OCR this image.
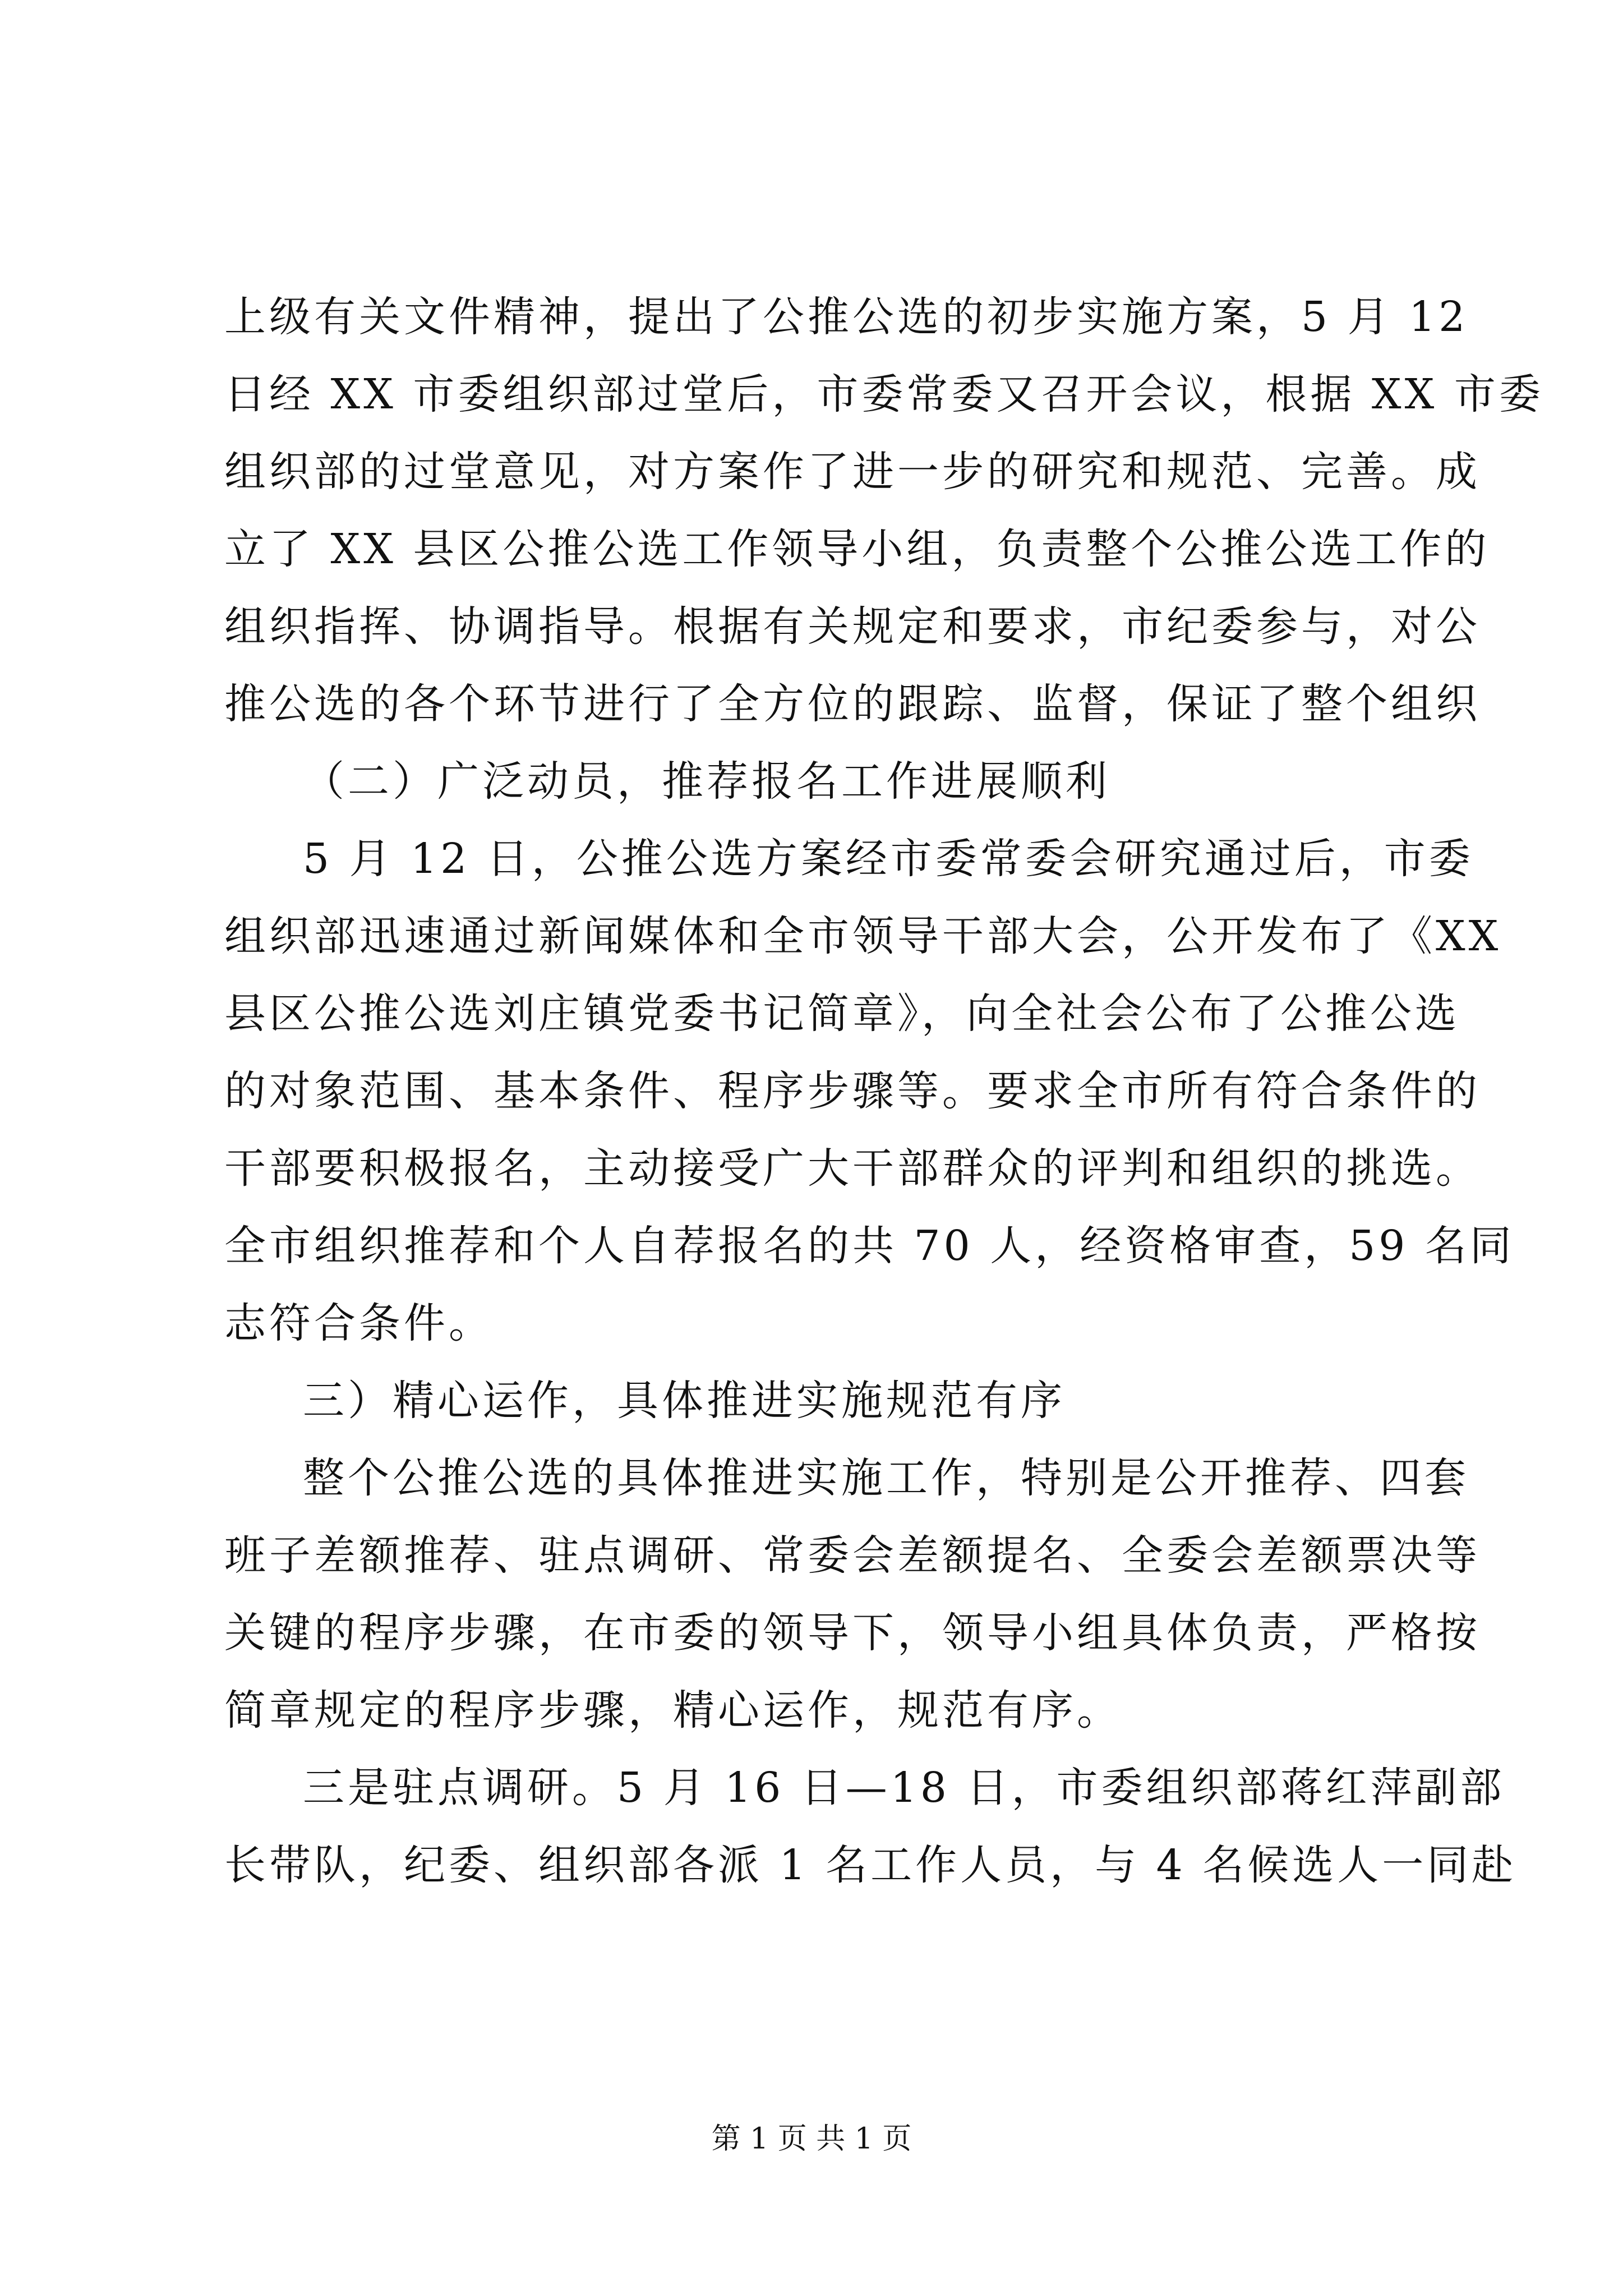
上级有关文件精神，提出了公推公选的初步实施方案，5 月 12
日经 XX 市委组织部过堂后，市委常委又召开会议，根据 XX 市委
组织部的过堂意见，对方案作了进一步的研究和规范、完善。成
立了 XX 县区公推公选工作领导小组，负责整个公推公选工作的
组织指挥、协调指导。根据有关规定和要求，市纪委参与，对公
推公选的各个环节进行了全方位的跟踪、监督，保证了整个组织
（二）广泛动员，推荐报名工作进展顺利
5 月 12 日，公推公选方案经市委常委会研究通过后，市委
组织部迅速通过新闻媒体和全市领导干部大会，公开发布了《XX
县区公推公选刘庄镇党委书记简章》，向全社会公布了公推公选
的对象范围、基本条件、程序步骤等。要求全市所有符合条件的
干部要积极报名，主动接受广大干部群众的评判和组织的挑选。
全市组织推荐和个人自荐报名的共 70 人，经资格审查，59 名同
志符合条件。
三）精心运作，具体推进实施规范有序
整个公推公选的具体推进实施工作，特别是公开推荐、四套
班子差额推荐、驻点调研、常委会差额提名、全委会差额票决等
关键的程序步骤，在市委的领导下，领导小组具体负责，严格按
简章规定的程序步骤，精心运作，规范有序。
三是驻点调研。5 月 16 日—18 日，市委组织部蒋红萍副部
长带队，纪委、组织部各派 1 名工作人员，与 4 名候选人一同赴
第 1 页 共 1 页
